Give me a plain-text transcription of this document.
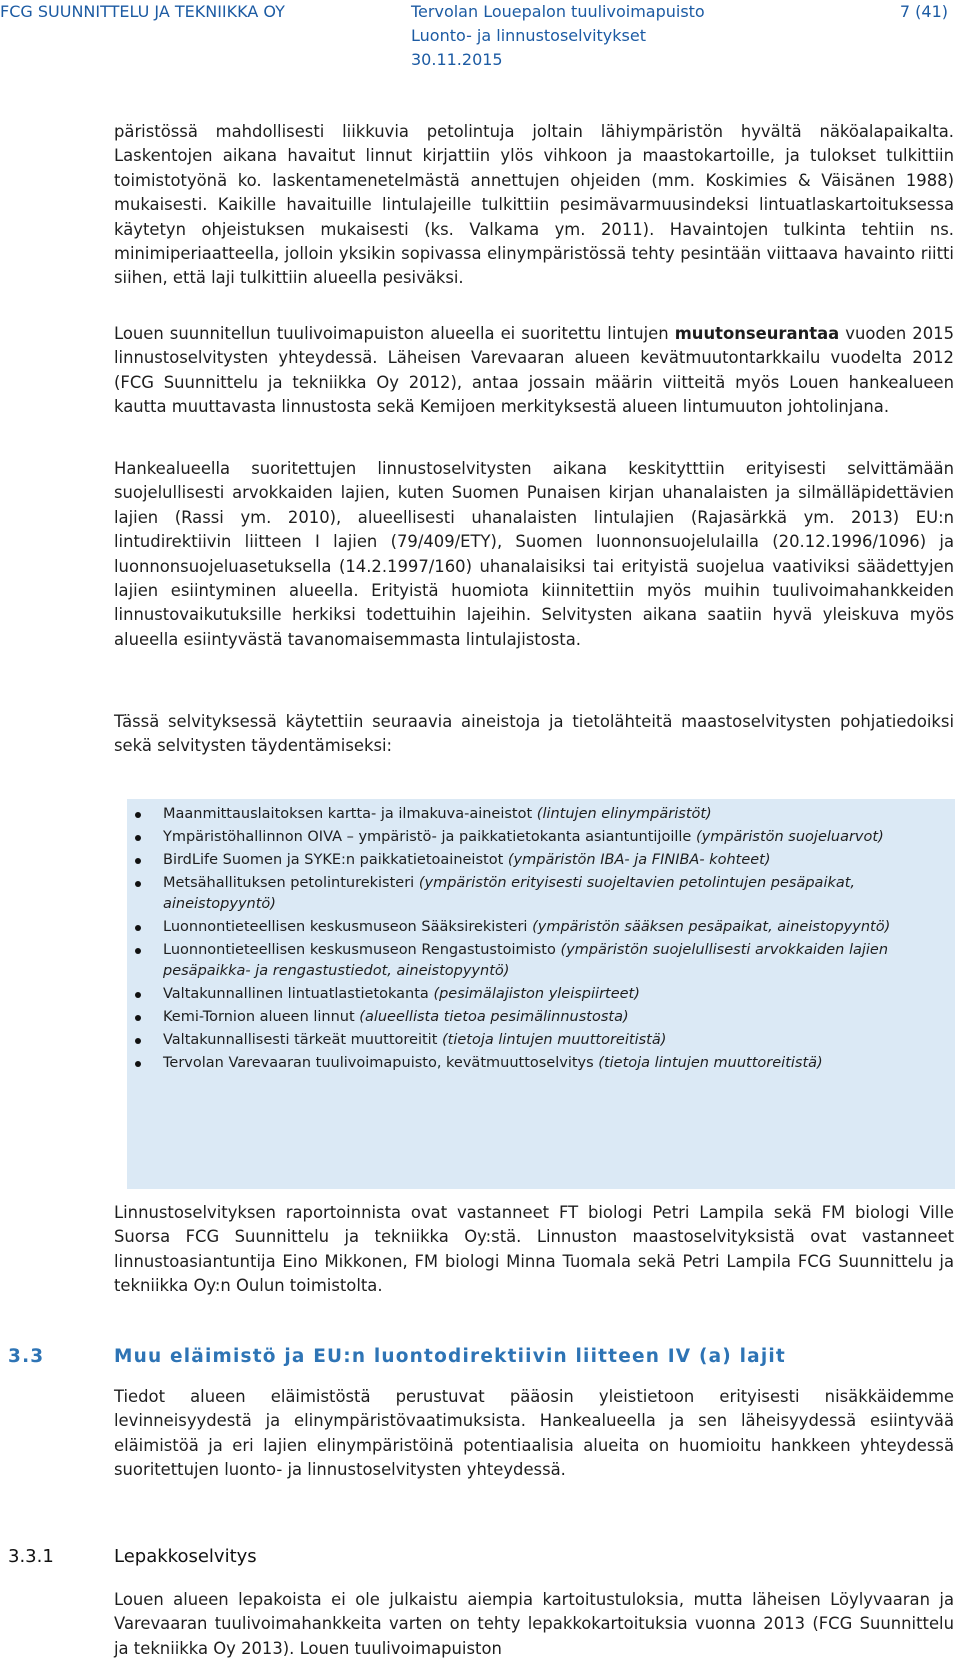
FCG SUUNNITTELU JA TEKNIIKKA OY	Tervolan Louepalon tuulivoimapuisto
Luonto- ja linnustoselvitykset
30.11.2015
7 (41)

päristössä mahdollisesti liikkuvia petolintuja joltain lähiympäristön hyvältä näköalapaikalta. Laskentojen aikana havaitut linnut kirjattiin ylös vihkoon ja maastokartoille, ja tulokset tulkittiin toimistotyönä ko. laskentamenetelmästä annettujen ohjeiden (mm. Koskimies & Väisänen 1988) mukaisesti. Kaikille havaituille lintulajeille tulkittiin pesimävarmuusindeksi lintuatlaskartoituksessa käytetyn ohjeistuksen mukaisesti (ks. Valkama ym. 2011). Havaintojen tulkinta tehtiin ns. minimiperiaatteella, jolloin yksikin sopivassa elinympäristössä tehty pesintään viittaava havainto riitti siihen, että laji tulkittiin alueella pesiväksi.

Louen suunnitellun tuulivoimapuiston alueella ei suoritettu lintujen muutonseurantaa vuoden 2015 linnustoselvitysten yhteydessä. Läheisen Varevaaran alueen kevätmuutontarkkailu vuodelta 2012 (FCG Suunnittelu ja tekniikka Oy 2012), antaa jossain määrin viitteitä myös Louen hankealueen kautta muuttavasta linnustosta sekä Kemijoen merkityksestä alueen lintumuuton johtolinjana.

Hankealueella suoritettujen linnustoselvitysten aikana keskitytttiin erityisesti selvittämään suojelullisesti arvokkaiden lajien, kuten Suomen Punaisen kirjan uhanalaisten ja silmälläpidettävien lajien (Rassi ym. 2010), alueellisesti uhanalaisten lintulajien (Rajasärkkä ym. 2013) EU:n lintudirektiivin liitteen I lajien (79/409/ETY), Suomen luonnonsuojelulailla (20.12.1996/1096) ja luonnonsuojeluasetuksella (14.2.1997/160) uhanalaisiksi tai erityistä suojelua vaativiksi säädettyjen lajien esiintyminen alueella. Erityistä huomiota kiinnitettiin myös muihin tuulivoimahankkeiden linnustovaikutuksille herkiksi todettuihin lajeihin. Selvitysten aikana saatiin hyvä yleiskuva myös alueella esiintyvästä tavanomaisemmasta lintulajistosta.

Tässä selvityksessä käytettiin seuraavia aineistoja ja tietolähteitä maastoselvitysten pohjatiedoiksi sekä selvitysten täydentämiseksi:

Maanmittauslaitoksen kartta- ja ilmakuva-aineistot (lintujen elinympäristöt)
Ympäristöhallinnon OIVA – ympäristö- ja paikkatietokanta asiantuntijoille (ympäristön suojeluarvot)
BirdLife Suomen ja SYKE:n paikkatietoaineistot (ympäristön IBA- ja FINIBA- kohteet)
Metsähallituksen petolinturekisteri (ympäristön erityisesti suojeltavien petolintujen pesäpaikat, aineistopyyntö)
Luonnontieteellisen keskusmuseon Sääksirekisteri (ympäristön sääksen pesäpaikat, aineistopyyntö)
Luonnontieteellisen keskusmuseon Rengastustoimisto (ympäristön suojelullisesti arvokkaiden lajien pesäpaikka- ja rengastustiedot, aineistopyyntö)
Valtakunnallinen lintuatlastietokanta (pesimälajiston yleispiirteet)
Kemi-Tornion alueen linnut (alueellista tietoa pesimälinnustosta)
Valtakunnallisesti tärkeät muuttoreitit (tietoja lintujen muuttoreitistä)
Tervolan Varevaaran tuulivoimapuisto, kevätmuuttoselvitys (tietoja lintujen muuttoreitistä)

Linnustoselvityksen raportoinnista ovat vastanneet FT biologi Petri Lampila sekä FM biologi Ville Suorsa FCG Suunnittelu ja tekniikka Oy:stä. Linnuston maastoselvityksistä ovat vastanneet linnustoasiantuntija Eino Mikkonen, FM biologi Minna Tuomala sekä Petri Lampila FCG Suunnittelu ja tekniikka Oy:n Oulun toimistolta.

3.3	Muu eläimistö ja EU:n luontodirektiivin liitteen IV (a) lajit

Tiedot alueen eläimistöstä perustuvat pääosin yleistietoon erityisesti nisäkkäidemme levinneisyydestä ja elinympäristövaatimuksista. Hankealueella ja sen läheisyydessä esiintyvää eläimistöä ja eri lajien elinympäristöinä potentiaalisia alueita on huomioitu hankkeen yhteydessä suoritettujen luonto- ja linnustoselvitysten yhteydessä.

3.3.1	Lepakkoselvitys

Louen alueen lepakoista ei ole julkaistu aiempia kartoitustuloksia, mutta läheisen Löylyvaaran ja Varevaaran tuulivoimahankkeita varten on tehty lepakkokartoituksia vuonna 2013 (FCG Suunnittelu ja tekniikka Oy 2013). Louen tuulivoimapuiston
